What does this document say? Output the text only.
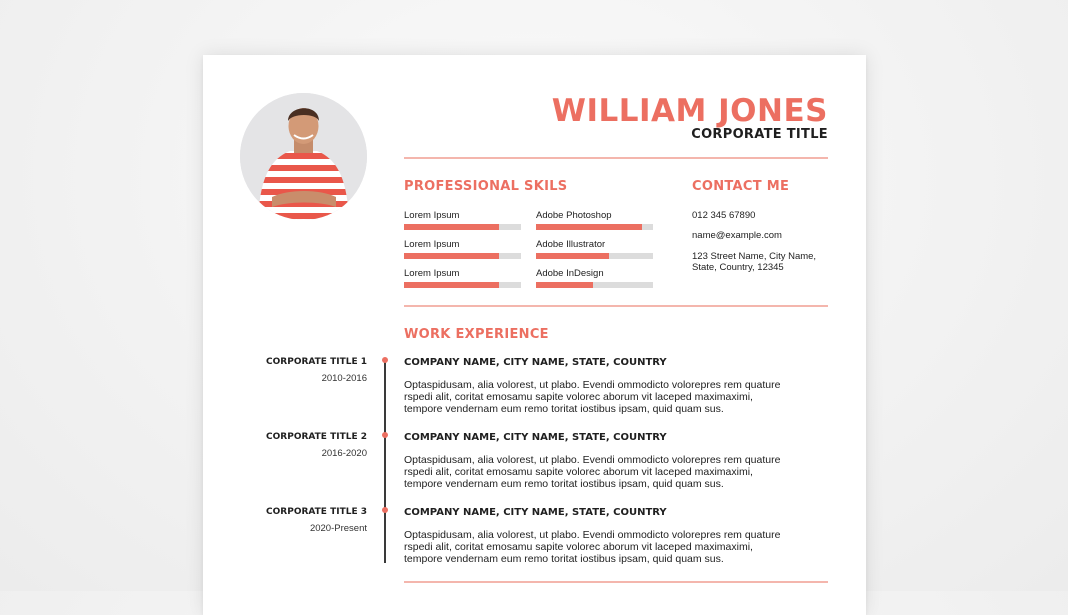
WILLIAM JONES
CORPORATE TITLE
PROFESSIONAL SKILS	CONTACT ME
Lorem Ipsum	Adobe Photoshop
Lorem Ipsum	Adobe Illustrator
Lorem Ipsum	Adobe InDesign
012 345 67890
name@example.com
123 Street Name, City Name,
State, Country, 12345
WORK EXPERIENCE
CORPORATE TITLE 1
2010-2016
COMPANY NAME, CITY NAME, STATE, COUNTRY
Optaspidusam, alia volorest, ut plabo. Evendi ommodicto volorepres rem quature
rspedi alit, coritat emosamu sapite volorec aborum vit laceped maximaximi,
tempore vendernam eum remo toritat iostibus ipsam, quid quam sus.
CORPORATE TITLE 2
2016-2020
COMPANY NAME, CITY NAME, STATE, COUNTRY
Optaspidusam, alia volorest, ut plabo. Evendi ommodicto volorepres rem quature
rspedi alit, coritat emosamu sapite volorec aborum vit laceped maximaximi,
tempore vendernam eum remo toritat iostibus ipsam, quid quam sus.
CORPORATE TITLE 3
2020-Present
COMPANY NAME, CITY NAME, STATE, COUNTRY
Optaspidusam, alia volorest, ut plabo. Evendi ommodicto volorepres rem quature
rspedi alit, coritat emosamu sapite volorec aborum vit laceped maximaximi,
tempore vendernam eum remo toritat iostibus ipsam, quid quam sus.
